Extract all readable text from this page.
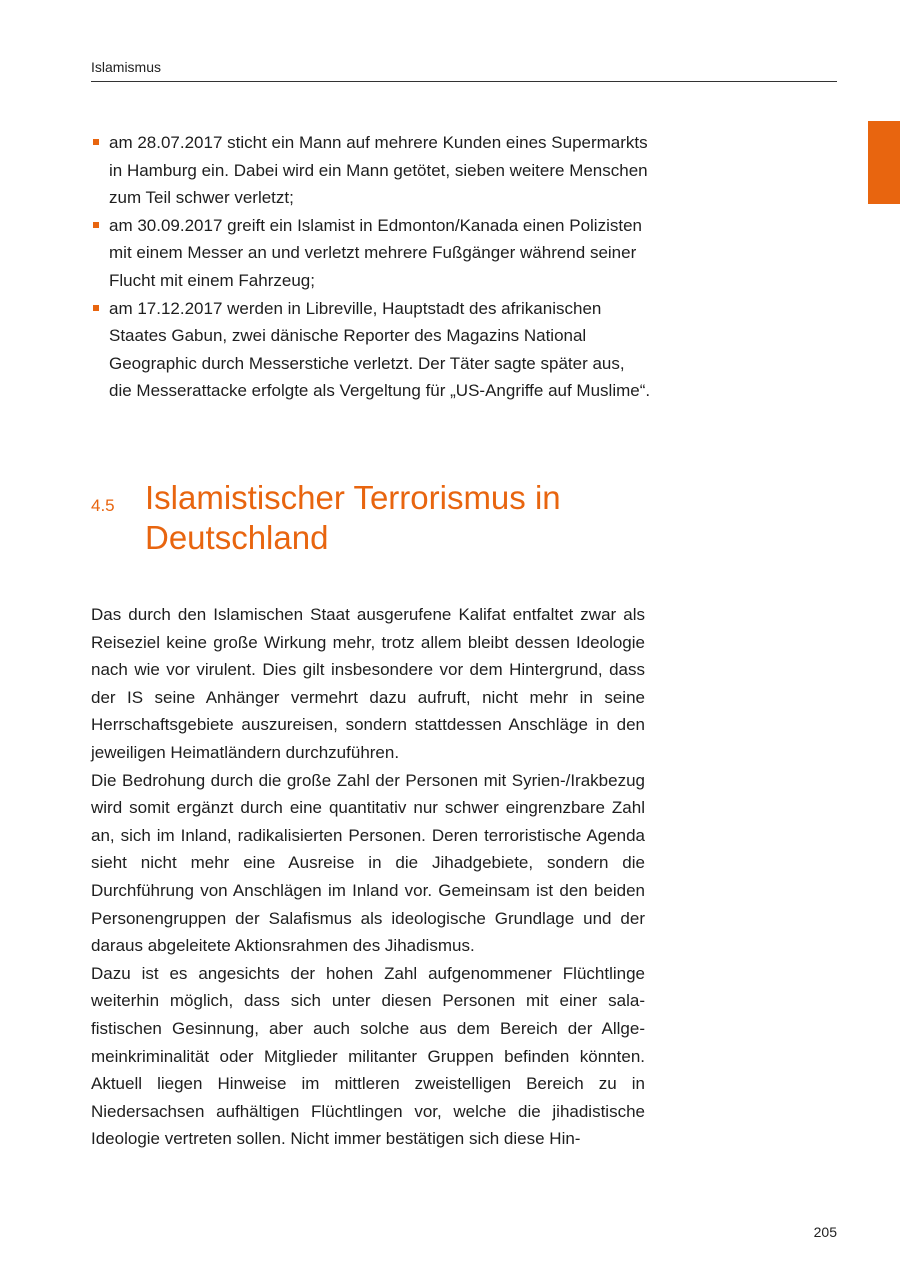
Islamismus
am 28.07.2017 sticht ein Mann auf mehrere Kunden eines Supermarkts in Hamburg ein. Dabei wird ein Mann getötet, sieben weitere Menschen zum Teil schwer verletzt;
am 30.09.2017 greift ein Islamist in Edmonton/Kanada einen Polizisten mit einem Messer an und verletzt mehrere Fußgänger während seiner Flucht mit einem Fahrzeug;
am 17.12.2017 werden in Libreville, Hauptstadt des afrikanischen Staates Gabun, zwei dänische Reporter des Magazins National Geographic durch Messerstiche verletzt. Der Täter sagte später aus, die Messerattacke erfolgte als Vergeltung für „US-Angriffe auf Muslime“.
4.5 Islamistischer Terrorismus in Deutschland

Das durch den Islamischen Staat ausgerufene Kalifat entfaltet zwar als Reiseziel keine große Wirkung mehr, trotz allem bleibt dessen Ideologie nach wie vor virulent. Dies gilt insbesondere vor dem Hintergrund, dass der IS seine Anhänger vermehrt dazu aufruft, nicht mehr in seine Herrschaftsgebiete auszureisen, sondern stattdessen Anschläge in den jeweiligen Heimatländern durchzuführen.

Die Bedrohung durch die große Zahl der Personen mit Syrien-/Irakbezug wird somit ergänzt durch eine quantitativ nur schwer eingrenzbare Zahl an, sich im Inland, radikalisierten Personen. Deren terroristische Agenda sieht nicht mehr eine Ausreise in die Jihadgebiete, sondern die Durchführung von Anschlägen im Inland vor. Gemeinsam ist den beiden Personengruppen der Salafismus als ideologische Grundlage und der daraus abgeleitete Aktionsrahmen des Jihadismus.

Dazu ist es angesichts der hohen Zahl aufgenommener Flüchtlinge weiterhin möglich, dass sich unter diesen Personen mit einer salafistischen Gesinnung, aber auch solche aus dem Bereich der Allgemeinkriminalität oder Mitglieder militanter Gruppen befinden könnten. Aktuell liegen Hinweise im mittleren zweistelligen Bereich zu in Niedersachsen aufhältigen Flüchtlingen vor, welche die jihadistische Ideologie vertreten sollen. Nicht immer bestätigen sich diese Hin-

205
